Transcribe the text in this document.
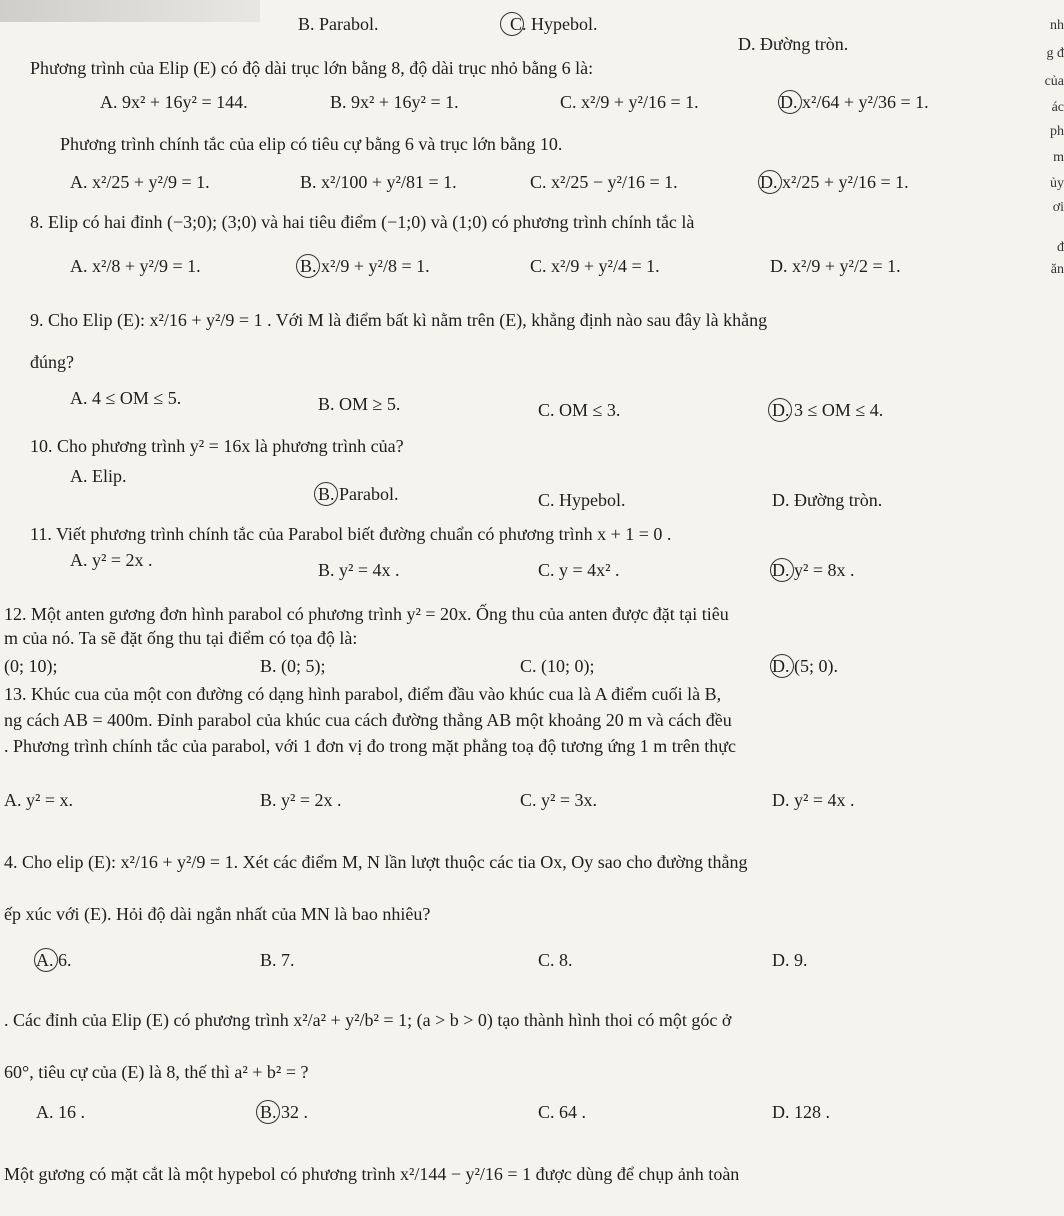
nh
g đ
của
ác
ph
m
ủy
ơi
đ
ăn
B. Parabol.	C. Hypebol.
D. Đường tròn.
Phương trình của Elip (E) có độ dài trục lớn bằng 8, độ dài trục nhỏ bằng 6 là:
A. 9x² + 16y² = 144.	B. 9x² + 16y² = 1.	C. x²/9 + y²/16 = 1.	D. x²/64 + y²/36 = 1.
Phương trình chính tắc của elip có tiêu cự bằng 6 và trục lớn bằng 10.
A. x²/25 + y²/9 = 1.	B. x²/100 + y²/81 = 1.	C. x²/25 − y²/16 = 1.	D. x²/25 + y²/16 = 1.
8. Elip có hai đỉnh (−3;0); (3;0) và hai tiêu điểm (−1;0) và (1;0) có phương trình chính tắc là
A. x²/8 + y²/9 = 1.	B. x²/9 + y²/8 = 1.	C. x²/9 + y²/4 = 1.	D. x²/9 + y²/2 = 1.
9. Cho Elip (E): x²/16 + y²/9 = 1 . Với M là điểm bất kì nằm trên (E), khẳng định nào sau đây là khẳng
đúng?
A. 4 ≤ OM ≤ 5.	B. OM ≥ 5.	C. OM ≤ 3.	D. 3 ≤ OM ≤ 4.
10. Cho phương trình y² = 16x là phương trình của?
A. Elip.
B. Parabol.	C. Hypebol.	D. Đường tròn.
11. Viết phương trình chính tắc của Parabol biết đường chuẩn có phương trình x + 1 = 0 .
A. y² = 2x .	B. y² = 4x .	C. y = 4x² .	D. y² = 8x .
12. Một anten gương đơn hình parabol có phương trình y² = 20x. Ống thu của anten được đặt tại tiêu
m của nó. Ta sẽ đặt ống thu tại điểm có tọa độ là:
(0; 10);	B. (0; 5);	C. (10; 0);	D. (5; 0).
13. Khúc cua của một con đường có dạng hình parabol, điểm đầu vào khúc cua là A điểm cuối là B,
ng cách AB = 400m. Đỉnh parabol của khúc cua cách đường thẳng AB một khoảng 20 m và cách đều
. Phương trình chính tắc của parabol, với 1 đơn vị đo trong mặt phẳng toạ độ tương ứng 1 m trên thực
A. y² = x.	B. y² = 2x .	C. y² = 3x.	D. y² = 4x .
4. Cho elip (E): x²/16 + y²/9 = 1. Xét các điểm M, N lần lượt thuộc các tia Ox, Oy sao cho đường thẳng
ếp xúc với (E). Hỏi độ dài ngắn nhất của MN là bao nhiêu?
A. 6.	B. 7.	C. 8.	D. 9.
. Các đỉnh của Elip (E) có phương trình x²/a² + y²/b² = 1; (a > b > 0) tạo thành hình thoi có một góc ở
60°, tiêu cự của (E) là 8, thế thì a² + b² = ?
A. 16 .	B. 32 .	C. 64 .	D. 128 .
Một gương có mặt cắt là một hypebol có phương trình x²/144 − y²/16 = 1 được dùng để chụp ảnh toàn
